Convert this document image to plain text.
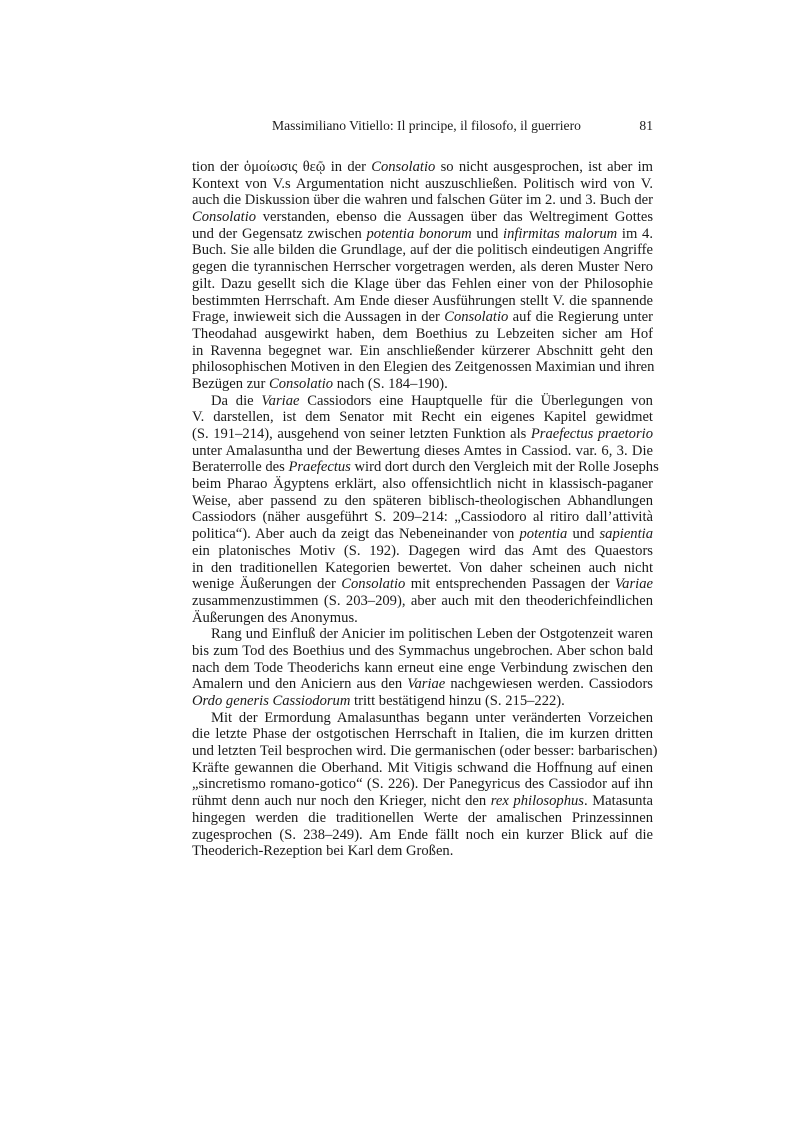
Massimiliano Vitiello: Il principe, il filosofo, il guerriero	81
tion der ὁμοίωσις θεῷ in der Consolatio so nicht ausgesprochen, ist aber im
Kontext von V.s Argumentation nicht auszuschließen. Politisch wird von V.
auch die Diskussion über die wahren und falschen Güter im 2. und 3. Buch der
Consolatio verstanden, ebenso die Aussagen über das Weltregiment Gottes
und der Gegensatz zwischen potentia bonorum und infirmitas malorum im 4.
Buch. Sie alle bilden die Grundlage, auf der die politisch eindeutigen Angriffe
gegen die tyrannischen Herrscher vorgetragen werden, als deren Muster Nero
gilt. Dazu gesellt sich die Klage über das Fehlen einer von der Philosophie
bestimmten Herrschaft. Am Ende dieser Ausführungen stellt V. die spannende
Frage, inwieweit sich die Aussagen in der Consolatio auf die Regierung unter
Theodahad ausgewirkt haben, dem Boethius zu Lebzeiten sicher am Hof
in Ravenna begegnet war. Ein anschließender kürzerer Abschnitt geht den
philosophischen Motiven in den Elegien des Zeitgenossen Maximian und ihren
Bezügen zur Consolatio nach (S. 184–190).
Da die Variae Cassiodors eine Hauptquelle für die Überlegungen von
V. darstellen, ist dem Senator mit Recht ein eigenes Kapitel gewidmet
(S. 191–214), ausgehend von seiner letzten Funktion als Praefectus praetorio
unter Amalasuntha und der Bewertung dieses Amtes in Cassiod. var. 6, 3. Die
Beraterrolle des Praefectus wird dort durch den Vergleich mit der Rolle Josephs
beim Pharao Ägyptens erklärt, also offensichtlich nicht in klassisch-paganer
Weise, aber passend zu den späteren biblisch-theologischen Abhandlungen
Cassiodors (näher ausgeführt S. 209–214: „Cassiodoro al ritiro dall’attività
politica“). Aber auch da zeigt das Nebeneinander von potentia und sapientia
ein platonisches Motiv (S. 192). Dagegen wird das Amt des Quaestors
in den traditionellen Kategorien bewertet. Von daher scheinen auch nicht
wenige Äußerungen der Consolatio mit entsprechenden Passagen der Variae
zusammenzustimmen (S. 203–209), aber auch mit den theoderichfeindlichen
Äußerungen des Anonymus.
Rang und Einfluß der Anicier im politischen Leben der Ostgotenzeit waren
bis zum Tod des Boethius und des Symmachus ungebrochen. Aber schon bald
nach dem Tode Theoderichs kann erneut eine enge Verbindung zwischen den
Amalern und den Aniciern aus den Variae nachgewiesen werden. Cassiodors
Ordo generis Cassiodorum tritt bestätigend hinzu (S. 215–222).
Mit der Ermordung Amalasunthas begann unter veränderten Vorzeichen
die letzte Phase der ostgotischen Herrschaft in Italien, die im kurzen dritten
und letzten Teil besprochen wird. Die germanischen (oder besser: barbarischen)
Kräfte gewannen die Oberhand. Mit Vitigis schwand die Hoffnung auf einen
„sincretismo romano-gotico“ (S. 226). Der Panegyricus des Cassiodor auf ihn
rühmt denn auch nur noch den Krieger, nicht den rex philosophus. Matasunta
hingegen werden die traditionellen Werte der amalischen Prinzessinnen
zugesprochen (S. 238–249). Am Ende fällt noch ein kurzer Blick auf die
Theoderich-Rezeption bei Karl dem Großen.
